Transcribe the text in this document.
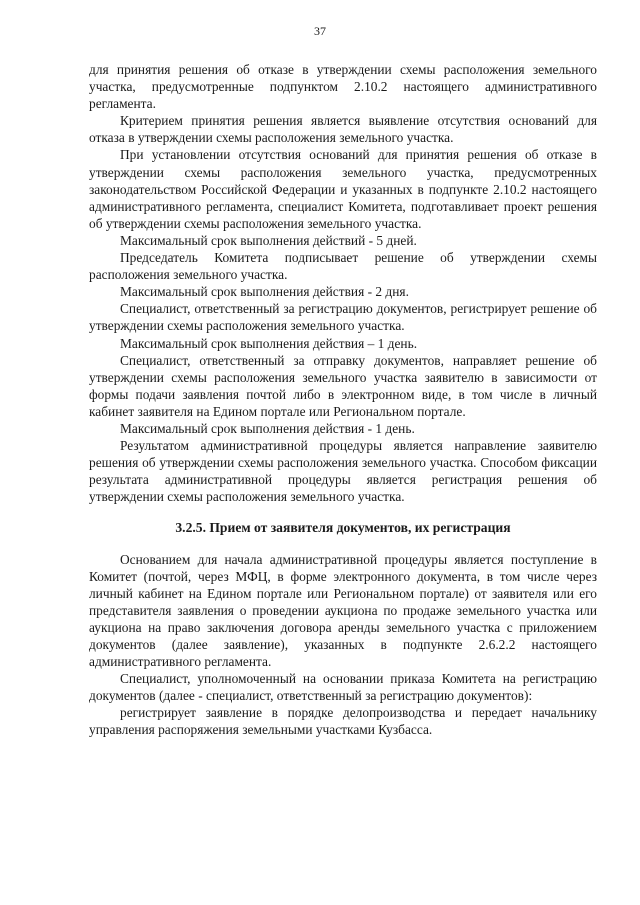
37

для принятия решения об отказе в утверждении схемы расположения земельного участка, предусмотренные подпунктом 2.10.2 настоящего административного регламента.

Критерием принятия решения является выявление отсутствия оснований для отказа в утверждении схемы расположения земельного участка.

При установлении отсутствия оснований для принятия решения об отказе в утверждении схемы расположения земельного участка, предусмотренных законодательством Российской Федерации и указанных в подпункте 2.10.2 настоящего административного регламента, специалист Комитета, подготавливает проект решения об утверждении схемы расположения земельного участка.

Максимальный срок выполнения действий - 5 дней.

Председатель Комитета подписывает решение об утверждении схемы расположения земельного участка.

Максимальный срок выполнения действия - 2 дня.

Специалист, ответственный за регистрацию документов, регистрирует решение об утверждении схемы расположения земельного участка.

Максимальный срок выполнения действия – 1 день.

Специалист, ответственный за отправку документов, направляет решение об утверждении схемы расположения земельного участка заявителю в зависимости от формы подачи заявления почтой либо в электронном виде, в том числе в личный кабинет заявителя на Едином портале или Региональном портале.

Максимальный срок выполнения действия - 1 день.

Результатом административной процедуры является направление заявителю решения об утверждении схемы расположения земельного участка. Способом фиксации результата административной процедуры является регистрация решения об утверждении схемы расположения земельного участка.

3.2.5. Прием от заявителя документов, их регистрация

Основанием для начала административной процедуры является поступление в Комитет (почтой, через МФЦ, в форме электронного документа, в том числе через личный кабинет на Едином портале или Региональном портале) от заявителя или его представителя заявления о проведении аукциона по продаже земельного участка или аукциона на право заключения договора аренды земельного участка с приложением документов (далее заявление), указанных в подпункте 2.6.2.2 настоящего административного регламента.

Специалист, уполномоченный на основании приказа Комитета на регистрацию документов (далее - специалист, ответственный за регистрацию документов):

регистрирует заявление в порядке делопроизводства и передает начальнику управления распоряжения земельными участками Кузбасса.
